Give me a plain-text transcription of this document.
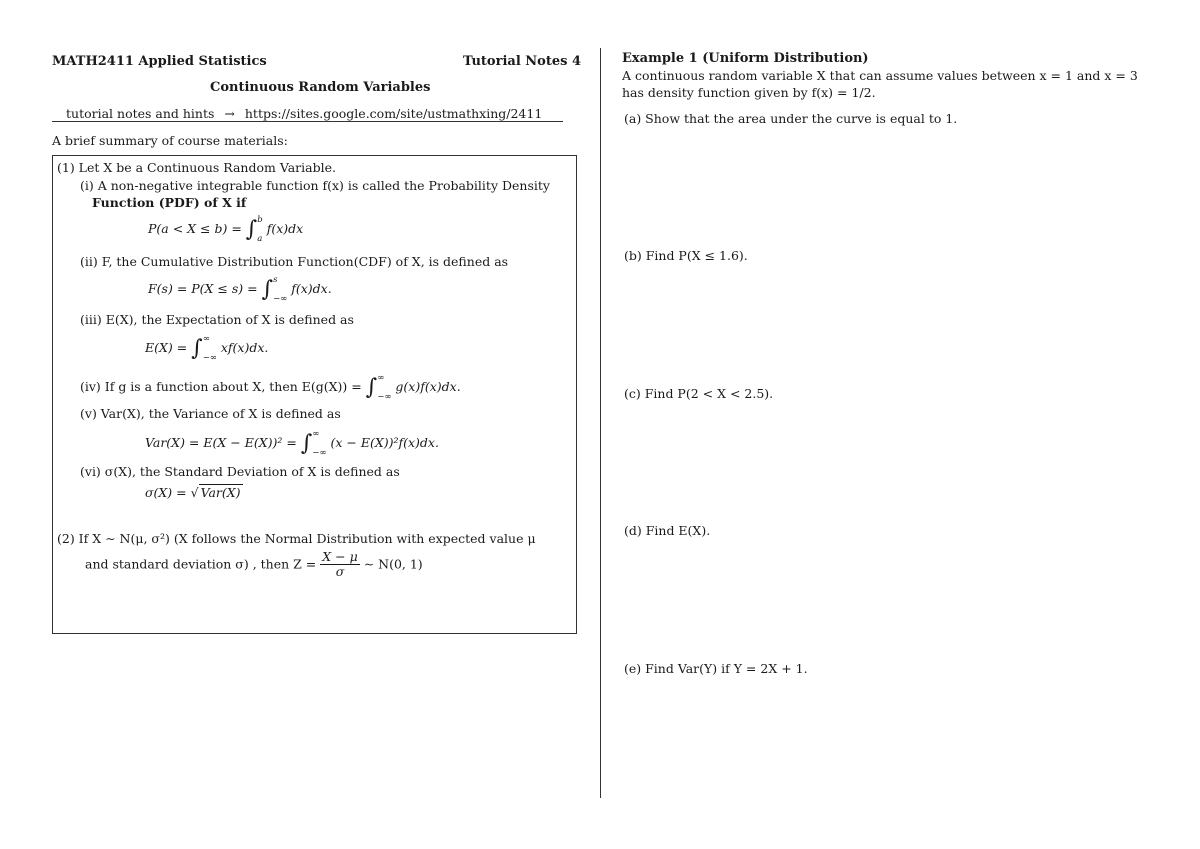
MATH2411 Applied Statistics	Tutorial Notes 4
Continuous Random Variables
tutorial notes and hints → https://sites.google.com/site/ustmathxing/2411
A brief summary of course materials:
(1) Let X be a Continuous Random Variable.
(i) A non-negative integrable function f(x) is called the Probability Density
Function (PDF) of X if
P(a < X ≤ b) = ∫ b
a
f(x)dx
(ii) F, the Cumulative Distribution Function(CDF) of X, is defined as
F(s) = P(X ≤ s) = ∫ s
−∞
f(x)dx.
(iii) E(X), the Expectation of X is defined as
E(X) = ∫ ∞
−∞
xf(x)dx.
(iv) If g is a function about X, then E(g(X)) = ∫ ∞
−∞
g(x)f(x)dx.
(v) Var(X), the Variance of X is defined as
Var(X) = E(X − E(X))² = ∫ ∞
−∞
(x − E(X))²f(x)dx.
(vi) σ(X), the Standard Deviation of X is defined as
σ(X) = √ Var(X)
(2) If X ∼ N(μ, σ²) (X follows the Normal Distribution with expected value μ
and standard deviation σ) , then $Z = \frac{X - \mu}{\sigma}$ ∼ N(0, 1)
Example 1 (Uniform Distribution)
A continuous random variable X that can assume values between x = 1 and x = 3
has density function given by f(x) = 1/2.
(a) Show that the area under the curve is equal to 1.
(b) Find P(X ≤ 1.6).
(c) Find P(2 < X < 2.5).
(d) Find E(X).
(e) Find Var(Y) if Y = 2X + 1.
